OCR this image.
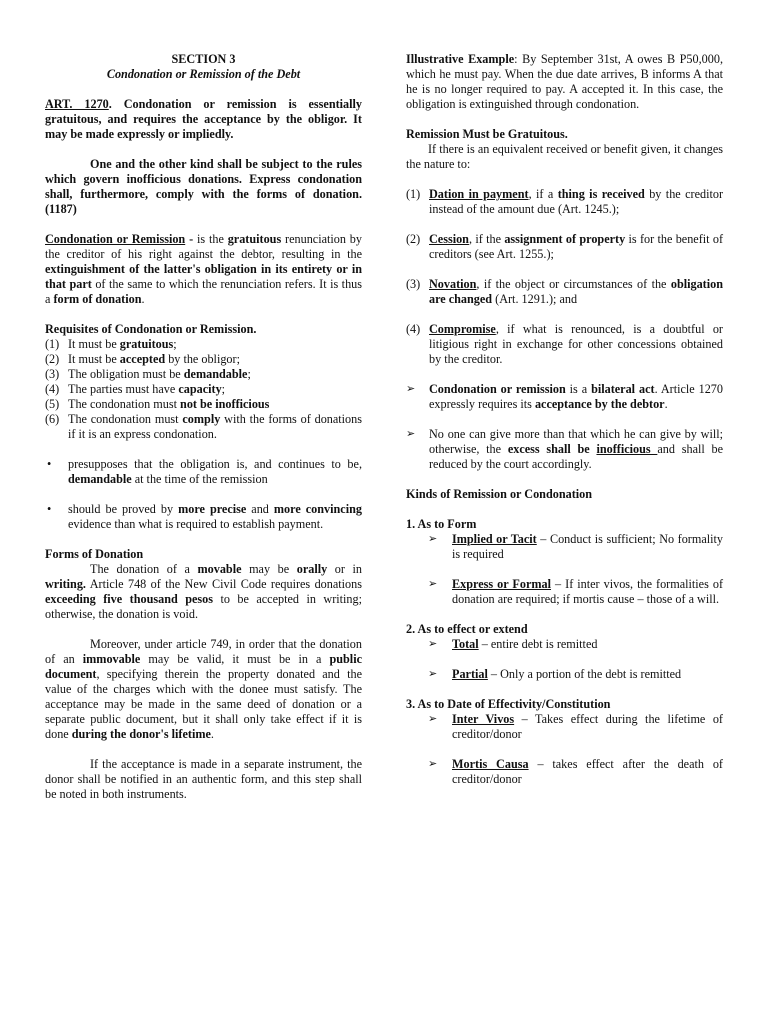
SECTION 3

Condonation or Remission of the Debt

ART. 1270. Condonation or remission is essentially gratuitous, and requires the acceptance by the obligor. It may be made expressly or impliedly.

One and the other kind shall be subject to the rules which govern inofficious donations. Express condonation shall, furthermore, comply with the forms of donation. (1187)

Condonation or Remission - is the gratuitous renunciation by the creditor of his right against the debtor, resulting in the extinguishment of the latter's obligation in its entirety or in that part of the same to which the renunciation refers. It is thus a form of donation.

Requisites of Condonation or Remission.

(1) It must be gratuitous;
(2) It must be accepted by the obligor;
(3) The obligation must be demandable;
(4) The parties must have capacity;
(5) The condonation must not be inofficious
(6) The condonation must comply with the forms of donations if it is an express condonation.

• presupposes that the obligation is, and continues to be, demandable at the time of the remission

• should be proved by more precise and more convincing evidence than what is required to establish payment.

Forms of Donation

The donation of a movable may be orally or in writing. Article 748 of the New Civil Code requires donations exceeding five thousand pesos to be accepted in writing; otherwise, the donation is void.

Moreover, under article 749, in order that the donation of an immovable may be valid, it must be in a public document, specifying therein the property donated and the value of the charges which with the donee must satisfy. The acceptance may be made in the same deed of donation or a separate public document, but it shall only take effect if it is done during the donor's lifetime.

If the acceptance is made in a separate instrument, the donor shall be notified in an authentic form, and this step shall be noted in both instruments.

Illustrative Example: By September 31st, A owes B P50,000, which he must pay. When the due date arrives, B informs A that he is no longer required to pay. A accepted it. In this case, the obligation is extinguished through condonation.

Remission Must be Gratuitous.

If there is an equivalent received or benefit given, it changes the nature to:

(1) Dation in payment, if a thing is received by the creditor instead of the amount due (Art. 1245.);

(2) Cession, if the assignment of property is for the benefit of creditors (see Art. 1255.);

(3) Novation, if the object or circumstances of the obligation are changed (Art. 1291.); and

(4) Compromise, if what is renounced, is a doubtful or litigious right in exchange for other concessions obtained by the creditor.

➢ Condonation or remission is a bilateral act. Article 1270 expressly requires its acceptance by the debtor.

➢ No one can give more than that which he can give by will; otherwise, the excess shall be inofficious and shall be reduced by the court accordingly.

Kinds of Remission or Condonation

1. As to Form

➢ Implied or Tacit – Conduct is sufficient; No formality is required

➢ Express or Formal – If inter vivos, the formalities of donation are required; if mortis cause – those of a will.

2. As to effect or extend

➢ Total – entire debt is remitted

➢ Partial – Only a portion of the debt is remitted

3. As to Date of Effectivity/Constitution

➢ Inter Vivos – Takes effect during the lifetime of creditor/donor

➢ Mortis Causa – takes effect after the death of creditor/donor
